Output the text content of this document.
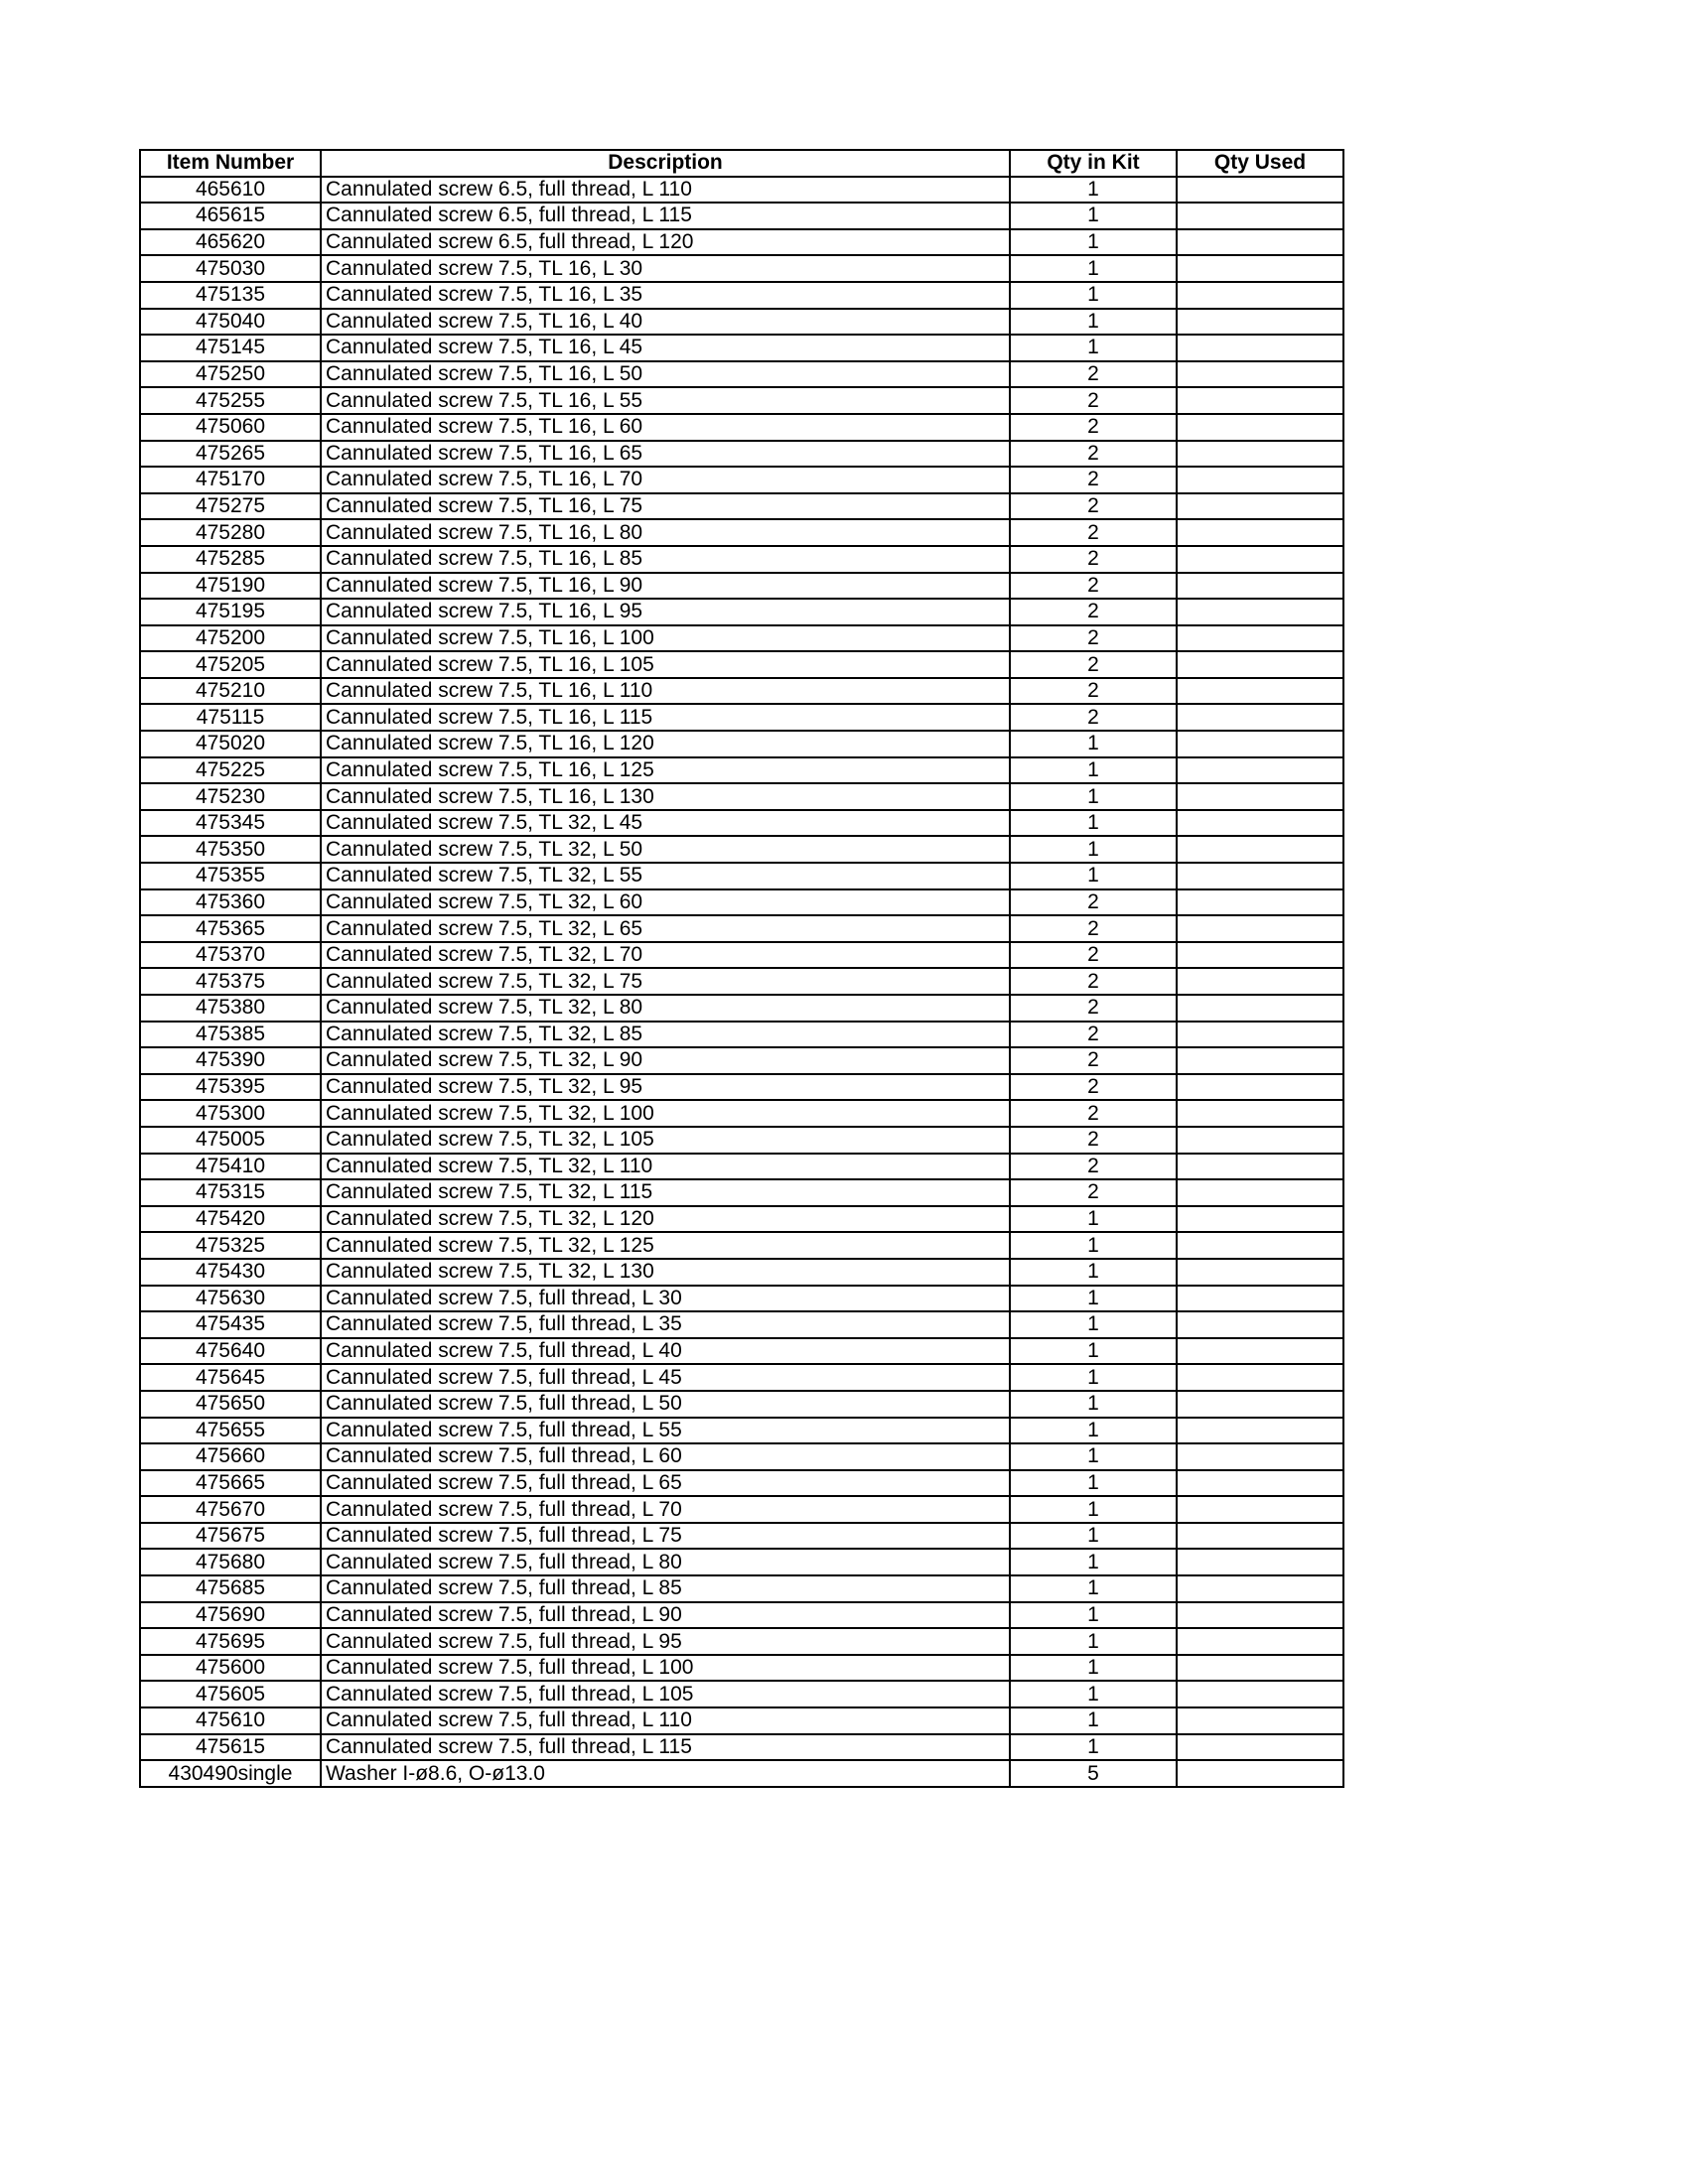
Item Number	Description	Qty in Kit	Qty Used
465610	Cannulated screw 6.5, full thread, L 110	1	
465615	Cannulated screw 6.5, full thread, L 115	1	
465620	Cannulated screw 6.5, full thread, L 120	1	
475030	Cannulated screw 7.5, TL 16, L 30	1	
475135	Cannulated screw 7.5, TL 16, L 35	1	
475040	Cannulated screw 7.5, TL 16, L 40	1	
475145	Cannulated screw 7.5, TL 16, L 45	1	
475250	Cannulated screw 7.5, TL 16, L 50	2	
475255	Cannulated screw 7.5, TL 16, L 55	2	
475060	Cannulated screw 7.5, TL 16, L 60	2	
475265	Cannulated screw 7.5, TL 16, L 65	2	
475170	Cannulated screw 7.5, TL 16, L 70	2	
475275	Cannulated screw 7.5, TL 16, L 75	2	
475280	Cannulated screw 7.5, TL 16, L 80	2	
475285	Cannulated screw 7.5, TL 16, L 85	2	
475190	Cannulated screw 7.5, TL 16, L 90	2	
475195	Cannulated screw 7.5, TL 16, L 95	2	
475200	Cannulated screw 7.5, TL 16, L 100	2	
475205	Cannulated screw 7.5, TL 16, L 105	2	
475210	Cannulated screw 7.5, TL 16, L 110	2	
475115	Cannulated screw 7.5, TL 16, L 115	2	
475020	Cannulated screw 7.5, TL 16, L 120	1	
475225	Cannulated screw 7.5, TL 16, L 125	1	
475230	Cannulated screw 7.5, TL 16, L 130	1	
475345	Cannulated screw 7.5, TL 32, L 45	1	
475350	Cannulated screw 7.5, TL 32, L 50	1	
475355	Cannulated screw 7.5, TL 32, L 55	1	
475360	Cannulated screw 7.5, TL 32, L 60	2	
475365	Cannulated screw 7.5, TL 32, L 65	2	
475370	Cannulated screw 7.5, TL 32, L 70	2	
475375	Cannulated screw 7.5, TL 32, L 75	2	
475380	Cannulated screw 7.5, TL 32, L 80	2	
475385	Cannulated screw 7.5, TL 32, L 85	2	
475390	Cannulated screw 7.5, TL 32, L 90	2	
475395	Cannulated screw 7.5, TL 32, L 95	2	
475300	Cannulated screw 7.5, TL 32, L 100	2	
475005	Cannulated screw 7.5, TL 32, L 105	2	
475410	Cannulated screw 7.5, TL 32, L 110	2	
475315	Cannulated screw 7.5, TL 32, L 115	2	
475420	Cannulated screw 7.5, TL 32, L 120	1	
475325	Cannulated screw 7.5, TL 32, L 125	1	
475430	Cannulated screw 7.5, TL 32, L 130	1	
475630	Cannulated screw 7.5, full thread, L 30	1	
475435	Cannulated screw 7.5, full thread, L 35	1	
475640	Cannulated screw 7.5, full thread, L 40	1	
475645	Cannulated screw 7.5, full thread, L 45	1	
475650	Cannulated screw 7.5, full thread, L 50	1	
475655	Cannulated screw 7.5, full thread, L 55	1	
475660	Cannulated screw 7.5, full thread, L 60	1	
475665	Cannulated screw 7.5, full thread, L 65	1	
475670	Cannulated screw 7.5, full thread, L 70	1	
475675	Cannulated screw 7.5, full thread, L 75	1	
475680	Cannulated screw 7.5, full thread, L 80	1	
475685	Cannulated screw 7.5, full thread, L 85	1	
475690	Cannulated screw 7.5, full thread, L 90	1	
475695	Cannulated screw 7.5, full thread, L 95	1	
475600	Cannulated screw 7.5, full thread, L 100	1	
475605	Cannulated screw 7.5, full thread, L 105	1	
475610	Cannulated screw 7.5, full thread, L 110	1	
475615	Cannulated screw 7.5, full thread, L 115	1	
430490single	Washer I-ø8.6, O-ø13.0	5	
